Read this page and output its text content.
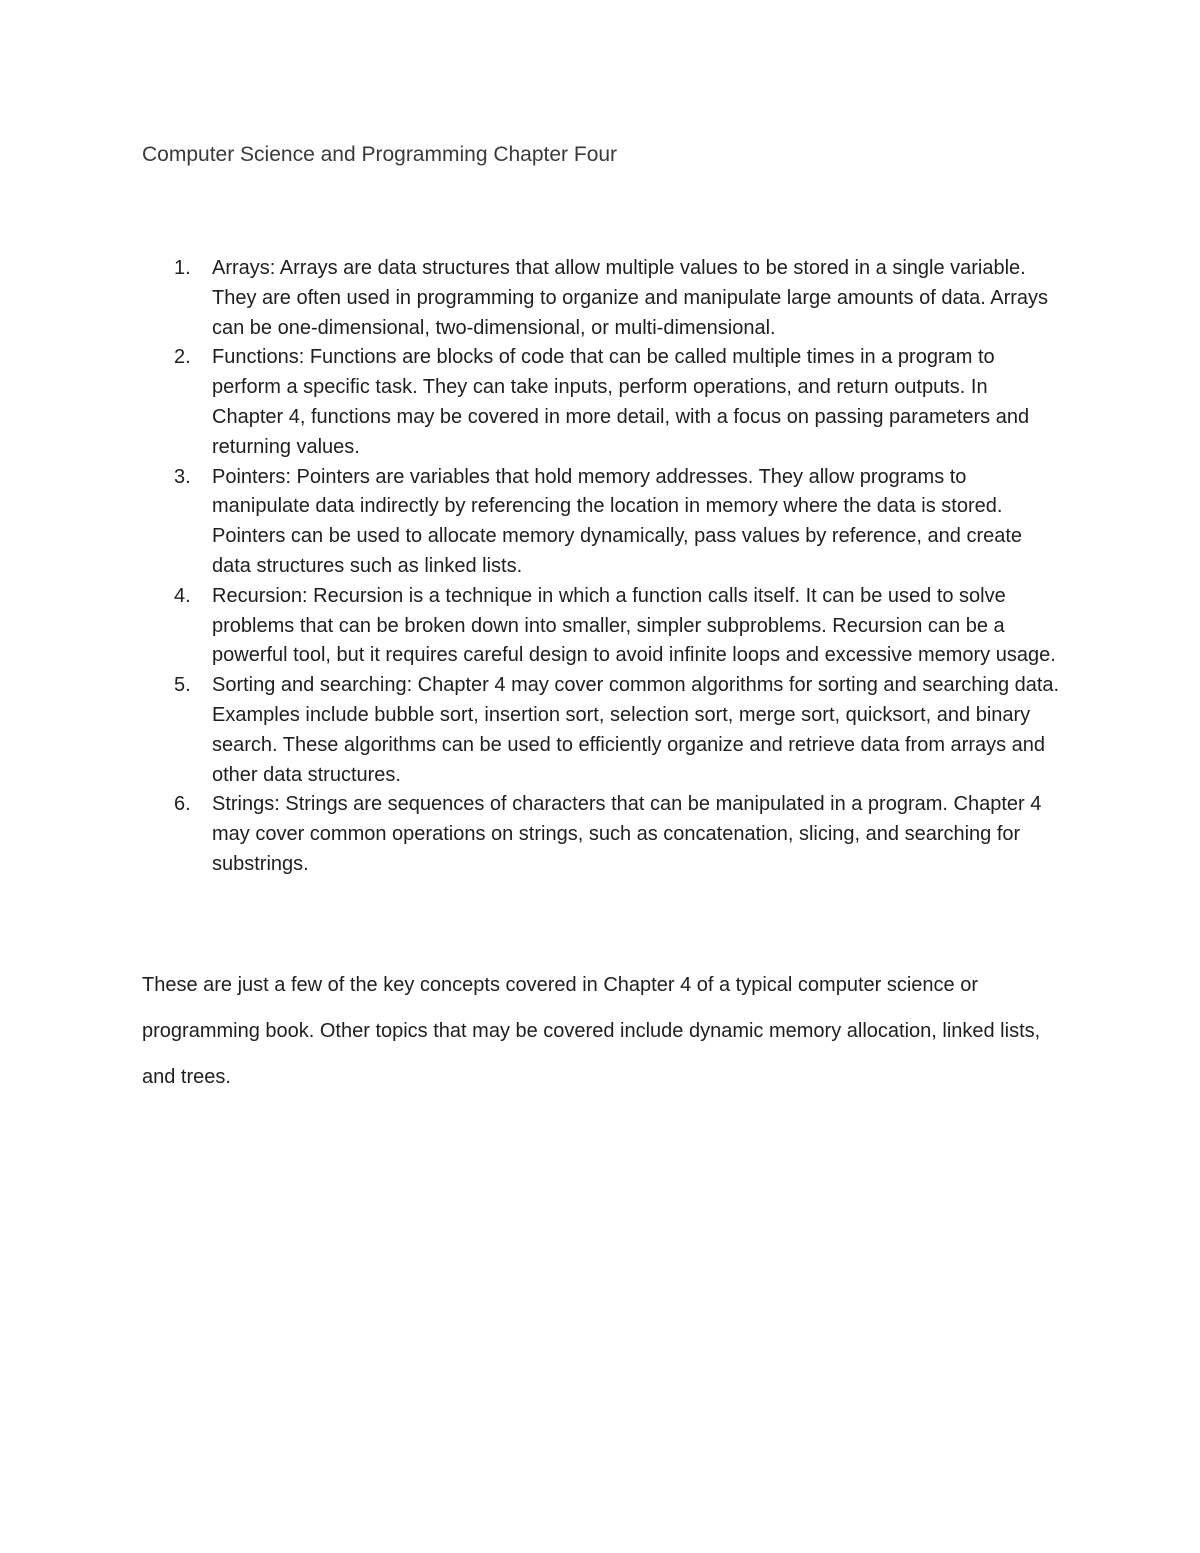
Computer Science and Programming Chapter Four
1. Arrays: Arrays are data structures that allow multiple values to be stored in a single variable. They are often used in programming to organize and manipulate large amounts of data. Arrays can be one-dimensional, two-dimensional, or multi-dimensional.
2. Functions: Functions are blocks of code that can be called multiple times in a program to perform a specific task. They can take inputs, perform operations, and return outputs. In Chapter 4, functions may be covered in more detail, with a focus on passing parameters and returning values.
3. Pointers: Pointers are variables that hold memory addresses. They allow programs to manipulate data indirectly by referencing the location in memory where the data is stored. Pointers can be used to allocate memory dynamically, pass values by reference, and create data structures such as linked lists.
4. Recursion: Recursion is a technique in which a function calls itself. It can be used to solve problems that can be broken down into smaller, simpler subproblems. Recursion can be a powerful tool, but it requires careful design to avoid infinite loops and excessive memory usage.
5. Sorting and searching: Chapter 4 may cover common algorithms for sorting and searching data. Examples include bubble sort, insertion sort, selection sort, merge sort, quicksort, and binary search. These algorithms can be used to efficiently organize and retrieve data from arrays and other data structures.
6. Strings: Strings are sequences of characters that can be manipulated in a program. Chapter 4 may cover common operations on strings, such as concatenation, slicing, and searching for substrings.

These are just a few of the key concepts covered in Chapter 4 of a typical computer science or programming book. Other topics that may be covered include dynamic memory allocation, linked lists, and trees.
